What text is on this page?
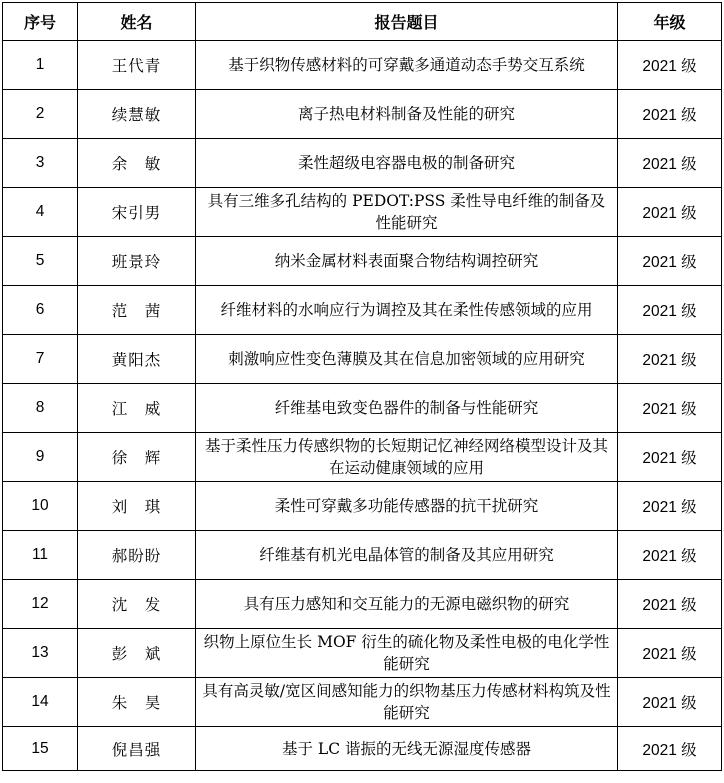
序号	姓名	报告题目	年级
1	王代青	基于织物传感材料的可穿戴多通道动态手势交互系统	2021 级
2	续慧敏	离子热电材料制备及性能的研究	2021 级
3	余　敏	柔性超级电容器电极的制备研究	2021 级
4	宋引男	具有三维多孔结构的 PEDOT:PSS 柔性导电纤维的制备及性能研究	2021 级
5	班景玲	纳米金属材料表面聚合物结构调控研究	2021 级
6	范　茜	纤维材料的水响应行为调控及其在柔性传感领域的应用	2021 级
7	黄阳杰	刺激响应性变色薄膜及其在信息加密领域的应用研究	2021 级
8	江　威	纤维基电致变色器件的制备与性能研究	2021 级
9	徐　辉	基于柔性压力传感织物的长短期记忆神经网络模型设计及其在运动健康领域的应用	2021 级
10	刘　琪	柔性可穿戴多功能传感器的抗干扰研究	2021 级
11	郝盼盼	纤维基有机光电晶体管的制备及其应用研究	2021 级
12	沈　发	具有压力感知和交互能力的无源电磁织物的研究	2021 级
13	彭　斌	织物上原位生长 MOF 衍生的硫化物及柔性电极的电化学性能研究	2021 级
14	朱　昊	具有高灵敏/宽区间感知能力的织物基压力传感材料构筑及性能研究	2021 级
15	倪昌强	基于 LC 谐振的无线无源湿度传感器	2021 级
